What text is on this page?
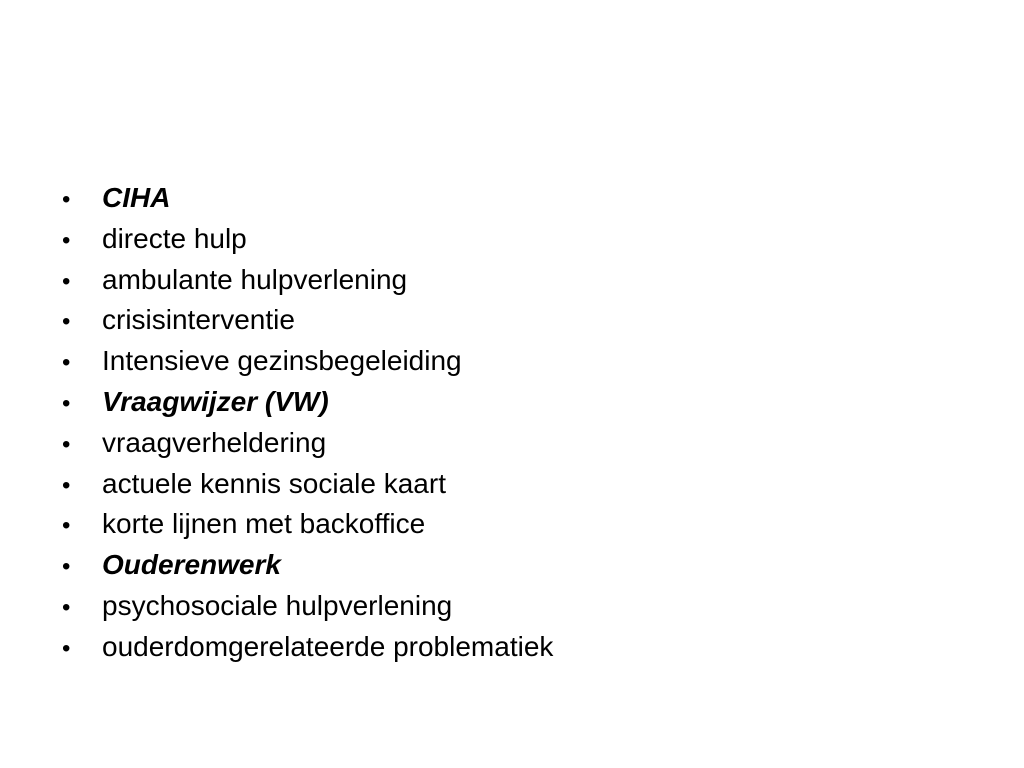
•	CIHA
•	directe hulp
•	ambulante hulpverlening
•	crisisinterventie
•	Intensieve gezinsbegeleiding
•	Vraagwijzer (VW)
•	vraagverheldering
•	actuele kennis sociale kaart
•	korte lijnen met backoffice
•	Ouderenwerk
•	psychosociale hulpverlening
•	ouderdomgerelateerde problematiek
